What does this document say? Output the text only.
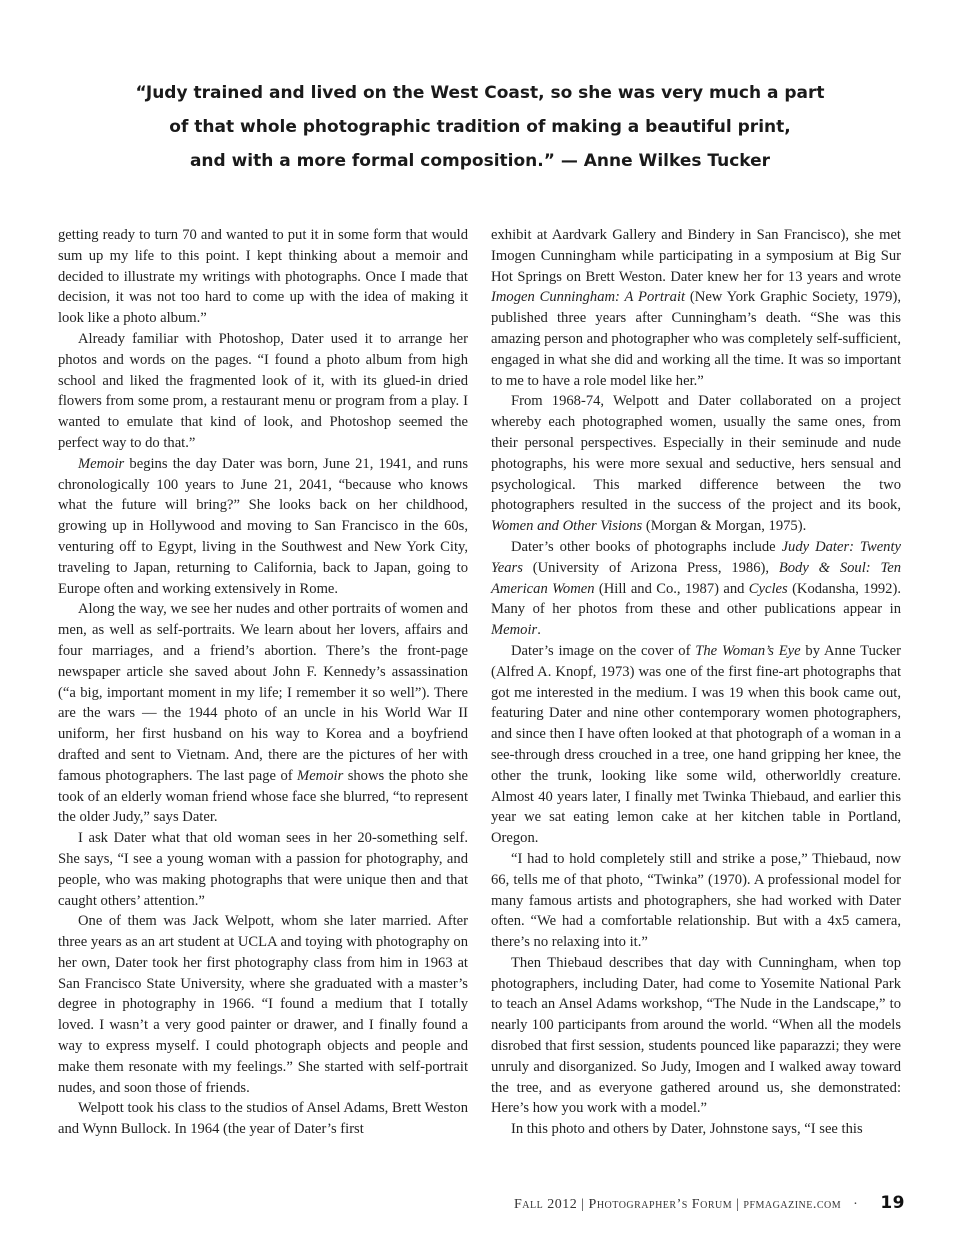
“Judy trained and lived on the West Coast, so she was very much a part
of that whole photographic tradition of making a beautiful print,
and with a more formal composition.” — Anne Wilkes Tucker

getting ready to turn 70 and wanted to put it in some form that would sum up my life to this point. I kept thinking about a memoir and decided to illustrate my writings with photographs. Once I made that decision, it was not too hard to come up with the idea of making it look like a photo album.”

Already familiar with Photoshop, Dater used it to arrange her photos and words on the pages. “I found a photo album from high school and liked the fragmented look of it, with its glued-in dried flowers from some prom, a restaurant menu or program from a play. I wanted to emulate that kind of look, and Photoshop seemed the perfect way to do that.”

Memoir begins the day Dater was born, June 21, 1941, and runs chronologically 100 years to June 21, 2041, “because who knows what the future will bring?” She looks back on her childhood, growing up in Hollywood and moving to San Francisco in the 60s, venturing off to Egypt, living in the Southwest and New York City, traveling to Japan, returning to California, back to Japan, going to Europe often and working extensively in Rome.

Along the way, we see her nudes and other portraits of women and men, as well as self-portraits. We learn about her lovers, affairs and four marriages, and a friend’s abortion. There’s the front-page newspaper article she saved about John F. Kennedy’s assassination (“a big, important moment in my life; I remember it so well”). There are the wars — the 1944 photo of an uncle in his World War II uniform, her first husband on his way to Korea and a boyfriend drafted and sent to Vietnam. And, there are the pictures of her with famous photographers. The last page of Memoir shows the photo she took of an elderly woman friend whose face she blurred, “to represent the older Judy,” says Dater.

I ask Dater what that old woman sees in her 20-something self. She says, “I see a young woman with a passion for photography, and people, who was making photographs that were unique then and that caught others’ attention.”

One of them was Jack Welpott, whom she later married. After three years as an art student at UCLA and toying with photography on her own, Dater took her first photography class from him in 1963 at San Francisco State University, where she graduated with a master’s degree in photography in 1966. “I found a medium that I totally loved. I wasn’t a very good painter or drawer, and I finally found a way to express myself. I could photograph objects and people and make them resonate with my feelings.” She started with self-portrait nudes, and soon those of friends.

Welpott took his class to the studios of Ansel Adams, Brett Weston and Wynn Bullock. In 1964 (the year of Dater’s first

exhibit at Aardvark Gallery and Bindery in San Francisco), she met Imogen Cunningham while participating in a symposium at Big Sur Hot Springs on Brett Weston. Dater knew her for 13 years and wrote Imogen Cunningham: A Portrait (New York Graphic Society, 1979), published three years after Cunningham’s death. “She was this amazing person and photographer who was completely self-sufficient, engaged in what she did and working all the time. It was so important to me to have a role model like her.”

From 1968-74, Welpott and Dater collaborated on a project whereby each photographed women, usually the same ones, from their personal perspectives. Especially in their seminude and nude photographs, his were more sexual and seductive, hers sensual and psychological. This marked difference between the two photographers resulted in the success of the project and its book, Women and Other Visions (Morgan & Morgan, 1975).

Dater’s other books of photographs include Judy Dater: Twenty Years (University of Arizona Press, 1986), Body & Soul: Ten American Women (Hill and Co., 1987) and Cycles (Kodansha, 1992). Many of her photos from these and other publications appear in Memoir.

Dater’s image on the cover of The Woman’s Eye by Anne Tucker (Alfred A. Knopf, 1973) was one of the first fine-art photographs that got me interested in the medium. I was 19 when this book came out, featuring Dater and nine other contemporary women photographers, and since then I have often looked at that photograph of a woman in a see-through dress crouched in a tree, one hand gripping her knee, the other the trunk, looking like some wild, otherworldly creature. Almost 40 years later, I finally met Twinka Thiebaud, and earlier this year we sat eating lemon cake at her kitchen table in Portland, Oregon.

“I had to hold completely still and strike a pose,” Thiebaud, now 66, tells me of that photo, “Twinka” (1970). A professional model for many famous artists and photographers, she had worked with Dater often. “We had a comfortable relationship. But with a 4x5 camera, there’s no relaxing into it.”

Then Thiebaud describes that day with Cunningham, when top photographers, including Dater, had come to Yosemite National Park to teach an Ansel Adams workshop, “The Nude in the Landscape,” to nearly 100 participants from around the world. “When all the models disrobed that first session, students pounced like paparazzi; they were unruly and disorganized. So Judy, Imogen and I walked away toward the tree, and as everyone gathered around us, she demonstrated: Here’s how you work with a model.”

In this photo and others by Dater, Johnstone says, “I see this

Fall 2012 | Photographer’s Forum | pfmagazine.com · 19
